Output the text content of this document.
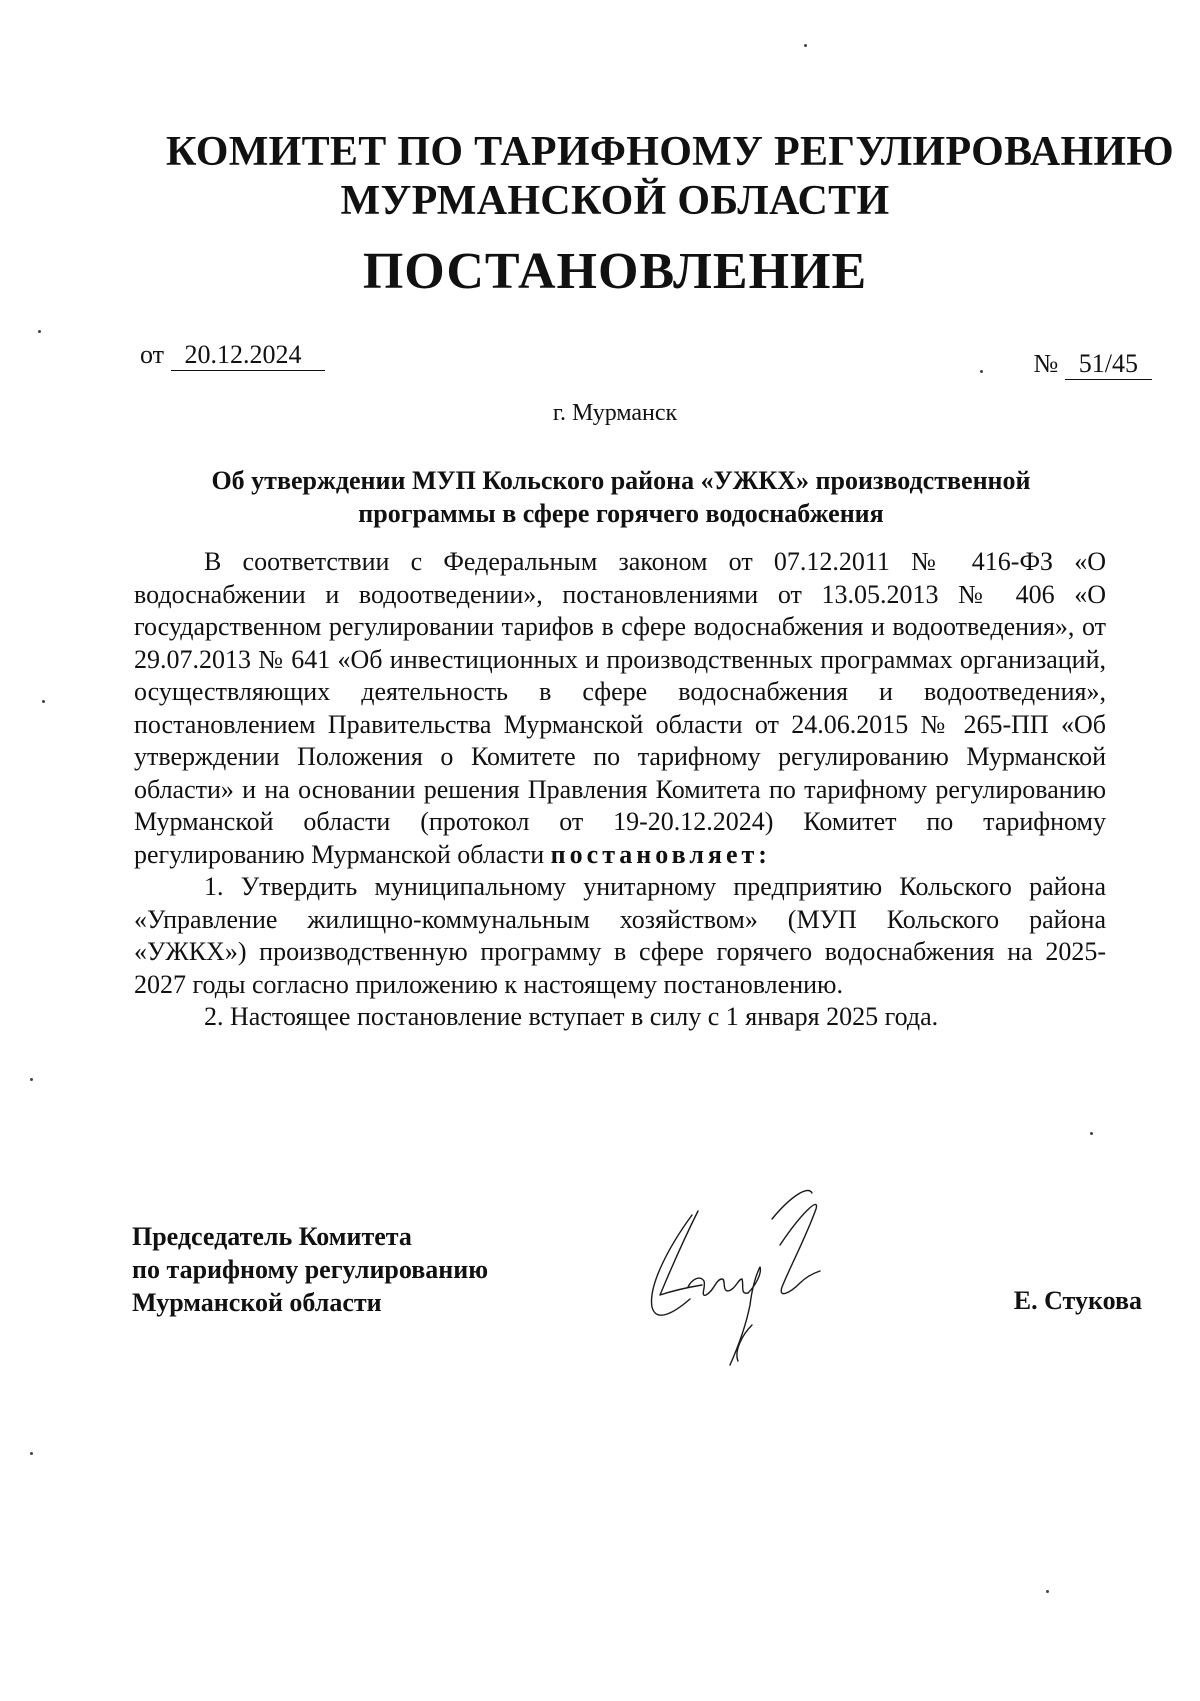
КОМИТЕТ ПО ТАРИФНОМУ РЕГУЛИРОВАНИЮ
МУРМАНСКОЙ ОБЛАСТИ
ПОСТАНОВЛЕНИЕ
от 20.12.2024	№ 51/45
г. Мурманск
Об утверждении МУП Кольского района «УЖКХ» производственной
программы в сфере горячего водоснабжения

В соответствии с Федеральным законом от 07.12.2011 № 416-ФЗ «О водоснабжении и водоотведении», постановлениями от 13.05.2013 № 406 «О государственном регулировании тарифов в сфере водоснабжения и водоотведения», от 29.07.2013 № 641 «Об инвестиционных и производственных программах организаций, осуществляющих деятельность в сфере водоснабжения и водоотведения», постановлением Правительства Мурманской области от 24.06.2015 № 265-ПП «Об утверждении Положения о Комитете по тарифному регулированию Мурманской области» и на основании решения Правления Комитета по тарифному регулированию Мурманской области (протокол от 19-20.12.2024) Комитет по тарифному регулированию Мурманской области постановляет:

1. Утвердить муниципальному унитарному предприятию Кольского района «Управление жилищно-коммунальным хозяйством» (МУП Кольского района «УЖКХ») производственную программу в сфере горячего водоснабжения на 2025-2027 годы согласно приложению к настоящему постановлению.

2. Настоящее постановление вступает в силу с 1 января 2025 года.

Председатель Комитета
по тарифному регулированию
Мурманской области	Е. Стукова
